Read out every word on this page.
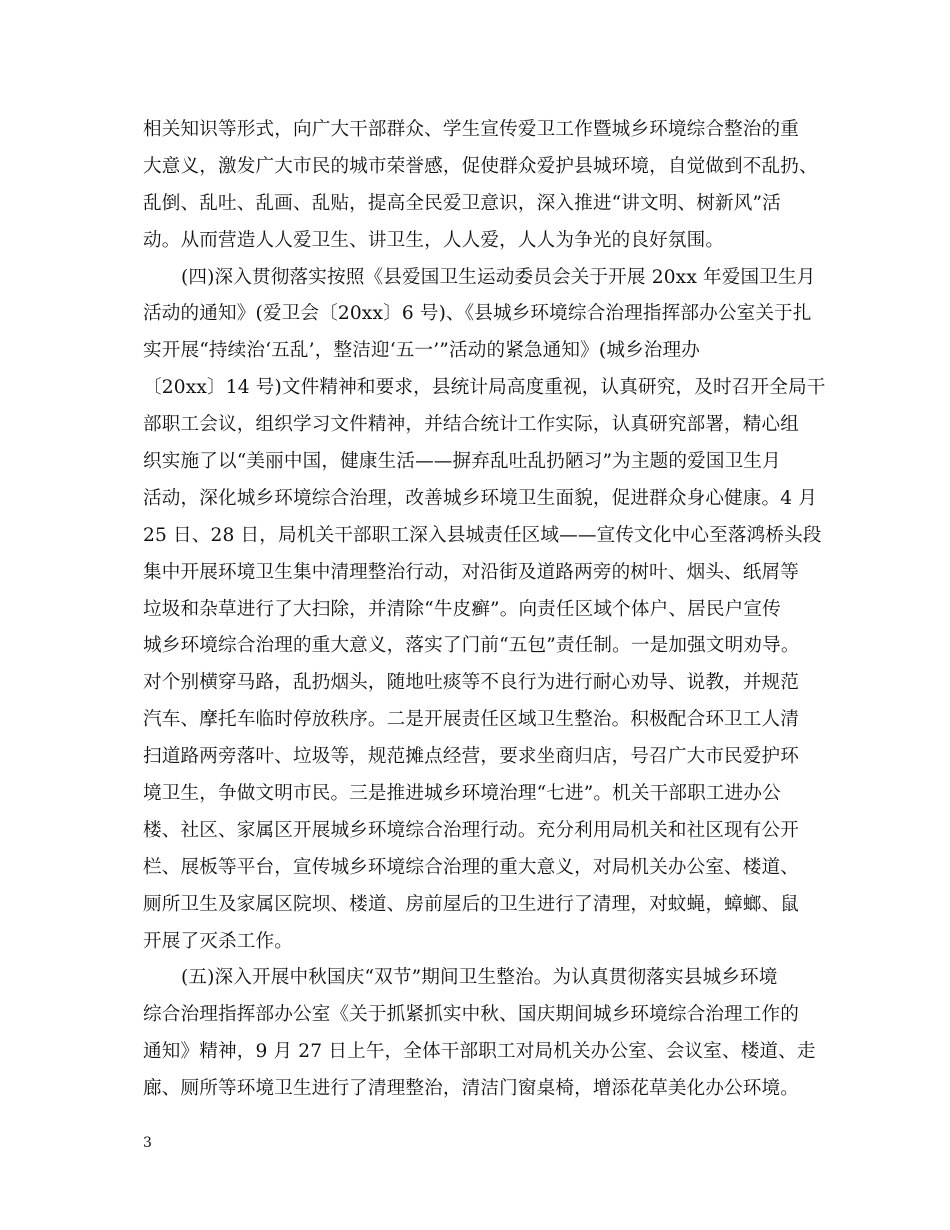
相关知识等形式，向广大干部群众、学生宣传爱卫工作暨城乡环境综合整治的重
大意义，激发广大市民的城市荣誉感，促使群众爱护县城环境，自觉做到不乱扔、
乱倒、乱吐、乱画、乱贴，提高全民爱卫意识，深入推进“讲文明、树新风”活
动。从而营造人人爱卫生、讲卫生，人人爱，人人为争光的良好氛围。
(四)深入贯彻落实按照《县爱国卫生运动委员会关于开展 20xx 年爱国卫生月
活动的通知》(爱卫会〔20xx〕6 号)、《县城乡环境综合治理指挥部办公室关于扎
实开展“持续治‘五乱’，整洁迎‘五一’”活动的紧急通知》(城乡治理办
〔20xx〕14 号)文件精神和要求，县统计局高度重视，认真研究，及时召开全局干
部职工会议，组织学习文件精神，并结合统计工作实际，认真研究部署，精心组
织实施了以“美丽中国，健康生活——摒弃乱吐乱扔陋习”为主题的爱国卫生月
活动，深化城乡环境综合治理，改善城乡环境卫生面貌，促进群众身心健康。4 月
25 日、28 日，局机关干部职工深入县城责任区域——宣传文化中心至落鸿桥头段
集中开展环境卫生集中清理整治行动，对沿街及道路两旁的树叶、烟头、纸屑等
垃圾和杂草进行了大扫除，并清除“牛皮癣”。向责任区域个体户、居民户宣传
城乡环境综合治理的重大意义，落实了门前“五包”责任制。一是加强文明劝导。
对个别横穿马路，乱扔烟头，随地吐痰等不良行为进行耐心劝导、说教，并规范
汽车、摩托车临时停放秩序。二是开展责任区域卫生整治。积极配合环卫工人清
扫道路两旁落叶、垃圾等，规范摊点经营，要求坐商归店，号召广大市民爱护环
境卫生，争做文明市民。三是推进城乡环境治理“七进”。机关干部职工进办公
楼、社区、家属区开展城乡环境综合治理行动。充分利用局机关和社区现有公开
栏、展板等平台，宣传城乡环境综合治理的重大意义，对局机关办公室、楼道、
厕所卫生及家属区院坝、楼道、房前屋后的卫生进行了清理，对蚊蝇，蟑螂、鼠
开展了灭杀工作。
(五)深入开展中秋国庆“双节”期间卫生整治。为认真贯彻落实县城乡环境
综合治理指挥部办公室《关于抓紧抓实中秋、国庆期间城乡环境综合治理工作的
通知》精神，9 月 27 日上午，全体干部职工对局机关办公室、会议室、楼道、走
廊、厕所等环境卫生进行了清理整治，清洁门窗桌椅，增添花草美化办公环境。
3
